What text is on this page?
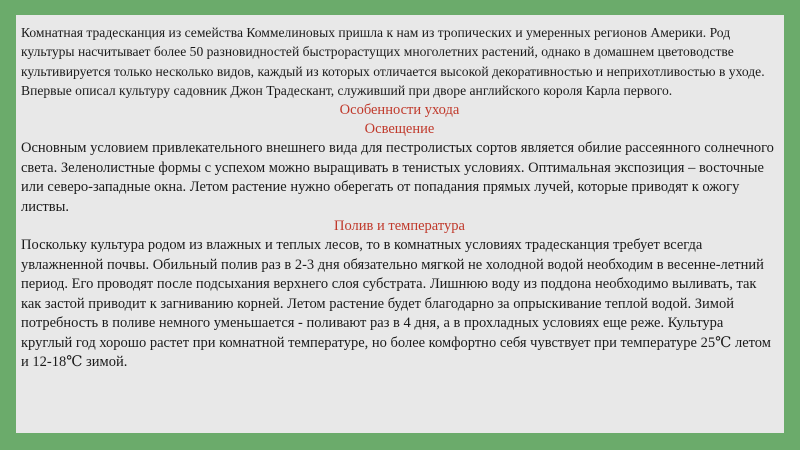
Комнатная традесканция из семейства Коммелиновых пришла к нам из тропических и умеренных регионов Америки. Род культуры насчитывает более 50 разновидностей быстрорастущих многолетних растений, однако в домашнем цветоводстве культивируется только несколько видов, каждый из которых отличается высокой декоративностью и неприхотливостью в уходе. Впервые описал культуру садовник Джон Традескант, служивший при дворе английского короля Карла первого.

Особенности ухода

Освещение

Основным условием привлекательного внешнего вида для пестролистых сортов является обилие рассеянного солнечного света. Зеленолистные формы с успехом можно выращивать в тенистых условиях. Оптимальная экспозиция – восточные или северо-западные окна. Летом растение нужно оберегать от попадания прямых лучей, которые приводят к ожогу листвы.

Полив и температура

Поскольку культура родом из влажных и теплых лесов, то в комнатных условиях традесканция требует всегда увлажненной почвы. Обильный полив раз в 2-3 дня обязательно мягкой не холодной водой необходим в весенне-летний период. Его проводят после подсыхания верхнего слоя субстрата. Лишнюю воду из поддона необходимо выливать, так как застой приводит к загниванию корней. Летом растение будет благодарно за опрыскивание теплой водой. Зимой потребность в поливе немного уменьшается - поливают раз в 4 дня, а в прохладных условиях еще реже. Культура круглый год хорошо растет при комнатной температуре, но более комфортно себя чувствует при температуре 25℃ летом и 12-18℃ зимой.
